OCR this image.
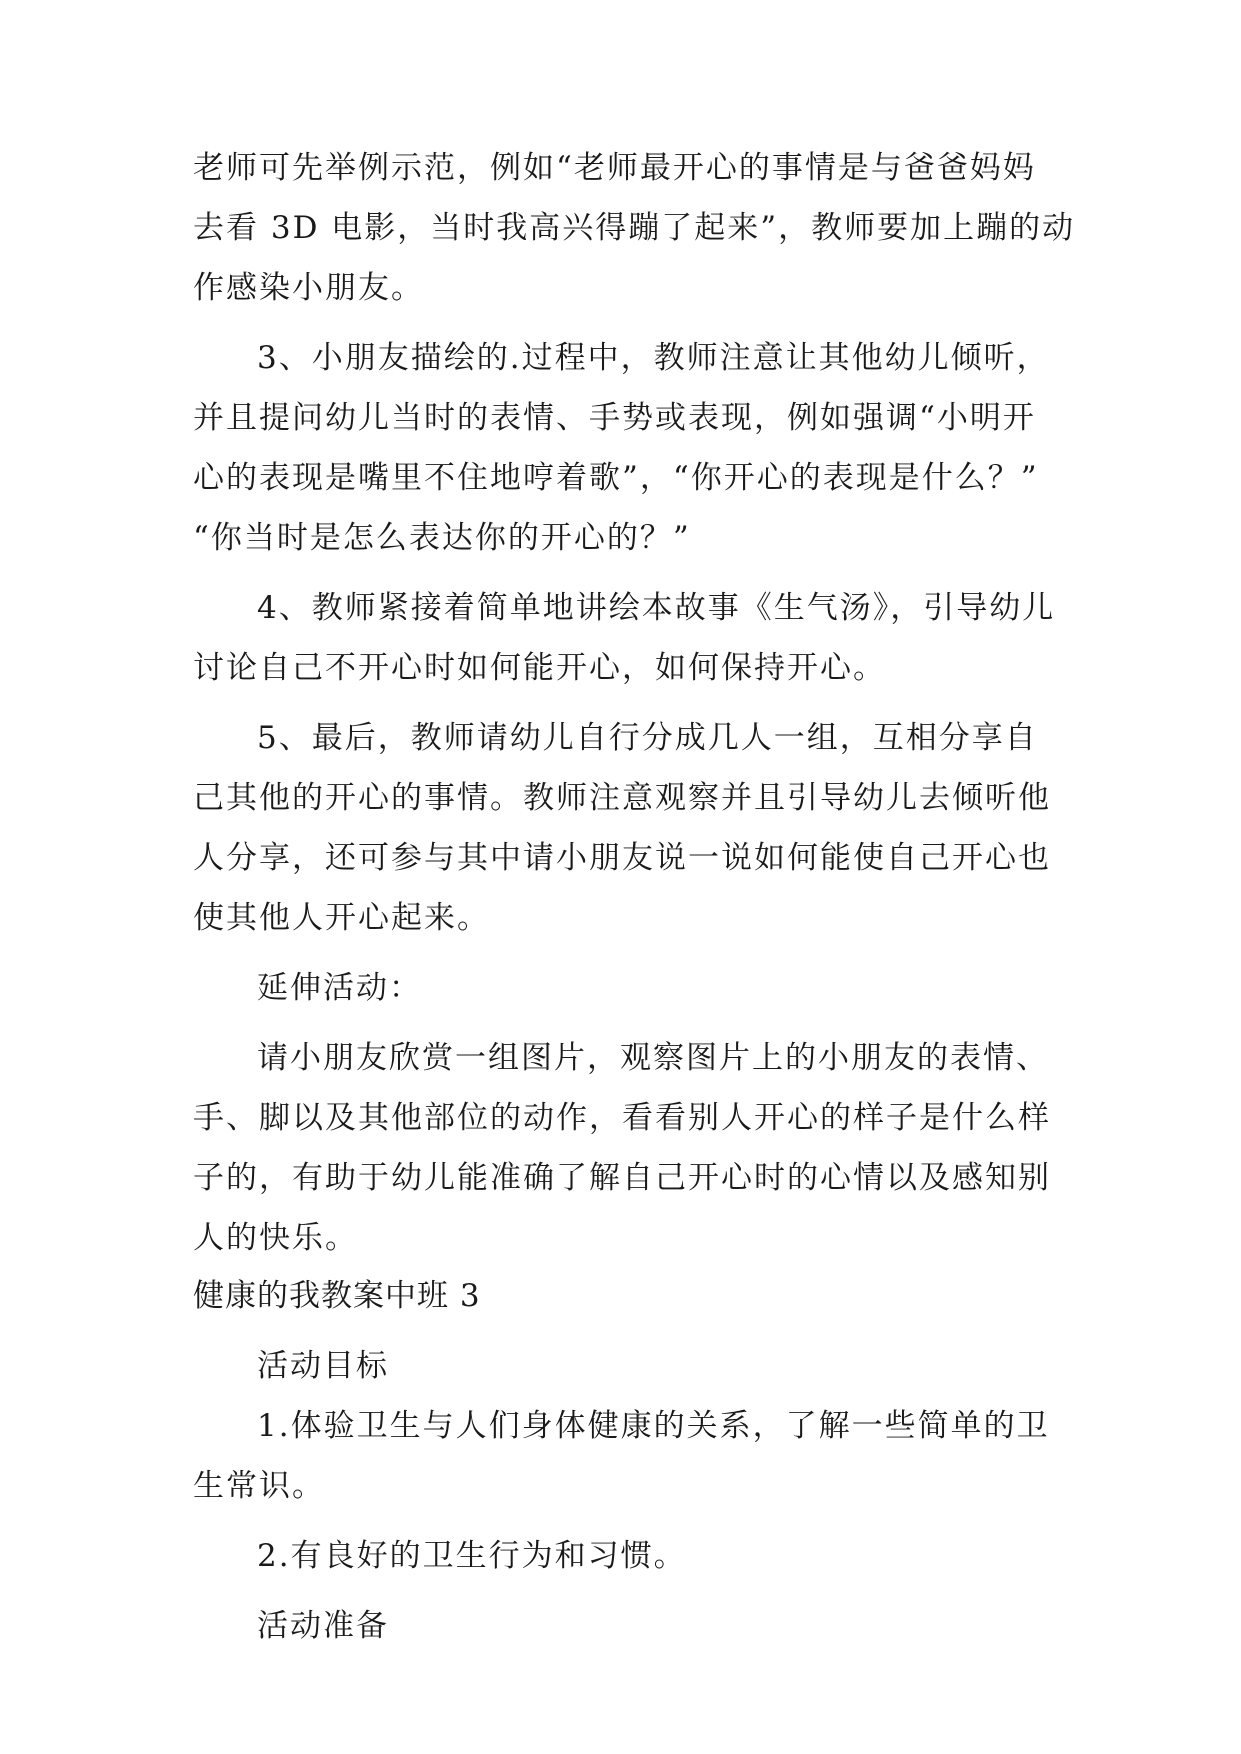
老师可先举例示范，例如“老师最开心的事情是与爸爸妈妈
去看 3D 电影，当时我高兴得蹦了起来”，教师要加上蹦的动
作感染小朋友。
3、小朋友描绘的.过程中，教师注意让其他幼儿倾听，
并且提问幼儿当时的表情、手势或表现，例如强调“小明开
心的表现是嘴里不住地哼着歌”，“你开心的表现是什么？”
“你当时是怎么表达你的开心的？”
4、教师紧接着简单地讲绘本故事《生气汤》，引导幼儿
讨论自己不开心时如何能开心，如何保持开心。
5、最后，教师请幼儿自行分成几人一组，互相分享自
己其他的开心的事情。教师注意观察并且引导幼儿去倾听他
人分享，还可参与其中请小朋友说一说如何能使自己开心也
使其他人开心起来。
延伸活动：
请小朋友欣赏一组图片，观察图片上的小朋友的表情、
手、脚以及其他部位的动作，看看别人开心的样子是什么样
子的，有助于幼儿能准确了解自己开心时的心情以及感知别
人的快乐。
健康的我教案中班 3
活动目标
1.体验卫生与人们身体健康的关系，了解一些简单的卫
生常识。
2.有良好的卫生行为和习惯。
活动准备
